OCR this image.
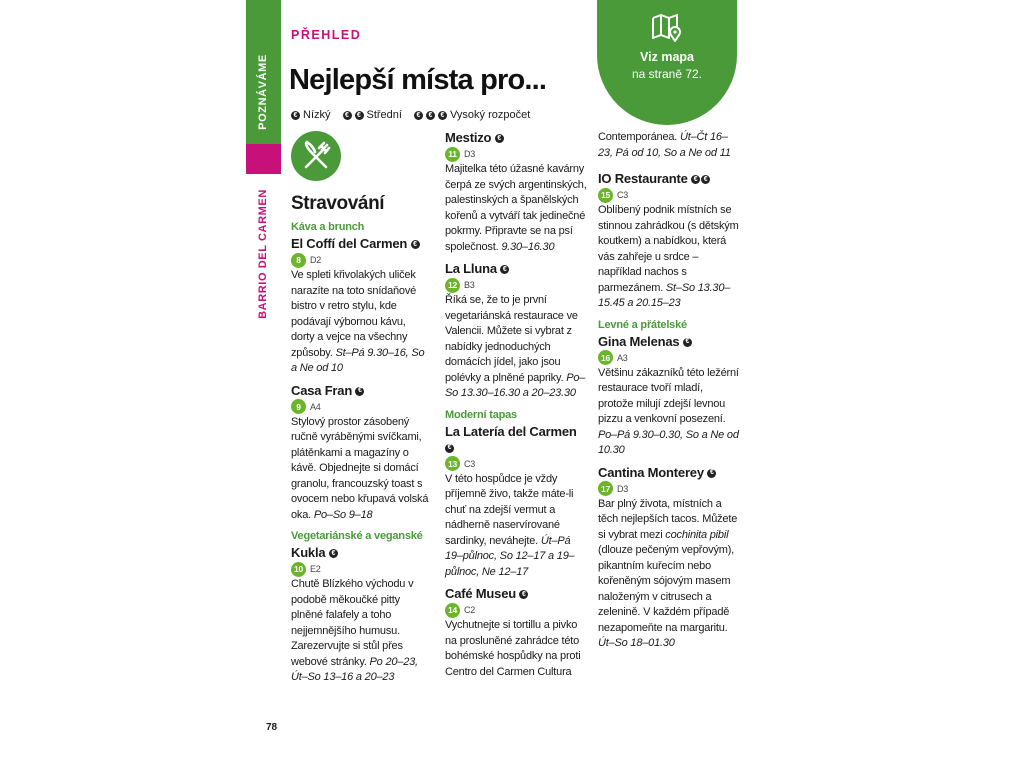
POZNÁVÁME
BARRIO DEL CARMEN
PŘEHLED
Nejlepší místa pro...
€ Nízký	€	€ Střední	€	€	€ Vysoký rozpočet
Viz mapa
na straně 72.
Stravování
Káva a brunch
El Coffí del Carmen €
8	D2
Ve spleti křivolakých uliček narazíte na toto snídaňové bistro v retro stylu, kde podávají výbornou kávu, dorty a vejce na všechny způsoby. St–Pá 9.30–16, So a Ne od 10
Casa Fran €
9	A4
Stylový prostor zásobený ručně vyráběnými svíčkami, plátěnkami a magazíny o kávě. Objednejte si domácí granolu, francouzský toast s ovocem nebo křupavá volská oka. Po–So 9–18
Vegetariánské a veganské
Kukla €
10 E2
Chutě Blízkého východu v podobě měkoučké pitty plněné falafely a toho nejjemnějšího humusu. Zarezervujte si stůl přes webové stránky. Po 20–23, Út–So 13–16 a 20–23
Mestizo €
11 D3
Majitelka této úžasné kavárny čerpá ze svých argentinských, palestinských a španělských kořenů a vytváří tak jedinečné pokrmy. Připravte se na psí společnost. 9.30–16.30
La Lluna €
12 B3
Říká se, že to je první vegetariánská restaurace ve Valencii. Můžete si vybrat z nabídky jednoduchých domácích jídel, jako jsou polévky a plněné papriky. Po–So 13.30–16.30 a 20–23.30
Moderní tapas
La Latería del Carmen €
13 C3
V této hospůdce je vždy příjemně živo, takže máte-li chuť na zdejší vermut a nádherně naservírované sardinky, neváhejte. Út–Pá 19–půlnoc, So 12–17 a 19–půlnoc, Ne 12–17
Café Museu €
14 C2
Vychutnejte si tortillu a pivko na prosluněné zahrádce této bohémské hospůdky na proti Centro del Carmen Cultura
Contemporánea. Út–Čt 16–23, Pá od 10, So a Ne od 11
IO Restaurante € €
15 C3
Oblíbený podnik místních se stinnou zahrádkou (s dětským koutkem) a nabídkou, která vás zahřeje u srdce – například nachos s parmezánem. St–So 13.30–15.45 a 20.15–23
Levné a přátelské
Gina Melenas €
16 A3
Většinu zákazníků této ležérní restaurace tvoří mladí, protože milují zdejší levnou pizzu a venkovní posezení. Po–Pá 9.30–0.30, So a Ne od 10.30
Cantina Monterey €
17 D3
Bar plný života, místních a těch nejlepších tacos. Můžete si vybrat mezi cochinita pibil (dlouze pečeným vepřovým), pikantním kuřecím nebo kořeněným sójovým masem naloženým v citrusech a zelenině. V každém případě nezapomeňte na margaritu. Út–So 18–01.30
78
